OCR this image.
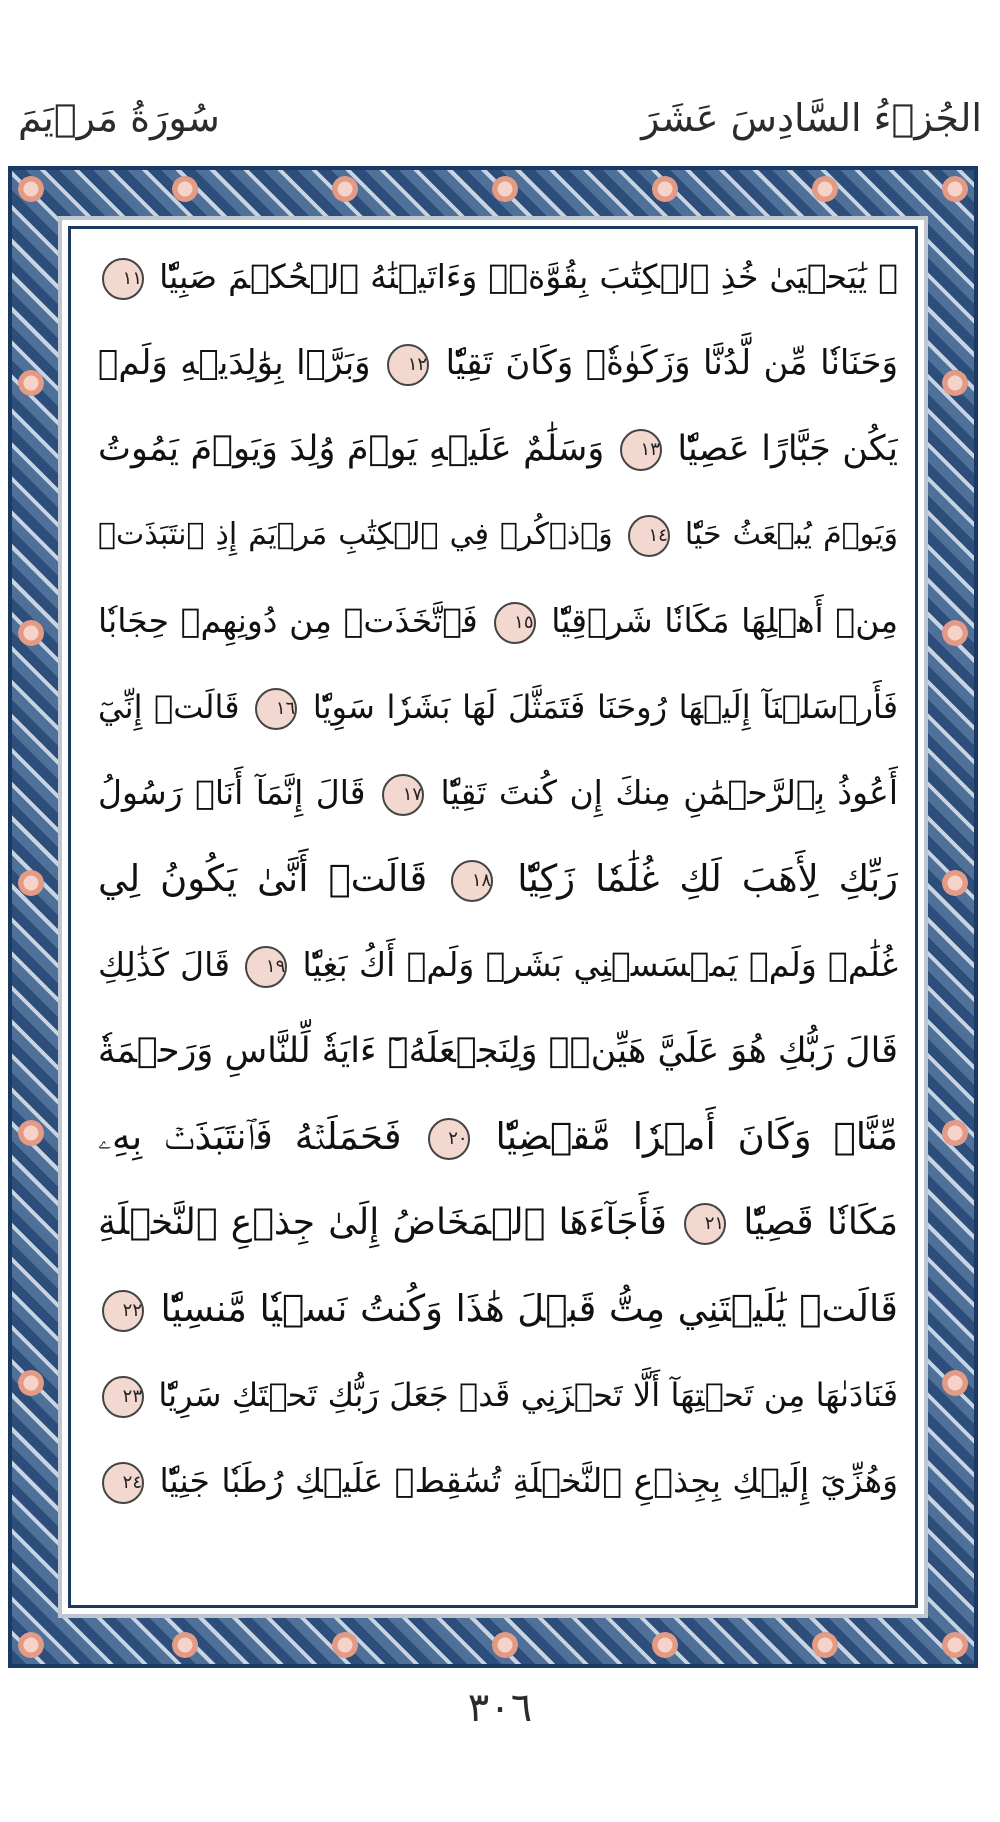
سُورَةُ مَرۡيَمَ	الجُزۡءُ السَّادِسَ عَشَرَ
۞ يَٰيَحۡيَىٰ خُذِ ٱلۡكِتَٰبَ بِقُوَّةٖۖ وَءَاتَيۡنَٰهُ ٱلۡحُكۡمَ صَبِيّٗا ١١
وَحَنَانٗا مِّن لَّدُنَّا وَزَكَوٰةٗۖ وَكَانَ تَقِيّٗا ١٢ وَبَرَّۢا بِوَٰلِدَيۡهِ وَلَمۡ
يَكُن جَبَّارًا عَصِيّٗا ١٣ وَسَلَٰمٌ عَلَيۡهِ يَوۡمَ وُلِدَ وَيَوۡمَ يَمُوتُ
وَيَوۡمَ يُبۡعَثُ حَيّٗا ١٤ وَٱذۡكُرۡ فِي ٱلۡكِتَٰبِ مَرۡيَمَ إِذِ ٱنتَبَذَتۡ
مِنۡ أَهۡلِهَا مَكَانٗا شَرۡقِيّٗا ١٥ فَٱتَّخَذَتۡ مِن دُونِهِمۡ حِجَابٗا
فَأَرۡسَلۡنَآ إِلَيۡهَا رُوحَنَا فَتَمَثَّلَ لَهَا بَشَرٗا سَوِيّٗا ١٦ قَالَتۡ إِنِّيٓ
أَعُوذُ بِٱلرَّحۡمَٰنِ مِنكَ إِن كُنتَ تَقِيّٗا ١٧ قَالَ إِنَّمَآ أَنَا۠ رَسُولُ
رَبِّكِ لِأَهَبَ لَكِ غُلَٰمٗا زَكِيّٗا ١٨ قَالَتۡ أَنَّىٰ يَكُونُ لِي
غُلَٰمٞ وَلَمۡ يَمۡسَسۡنِي بَشَرٞ وَلَمۡ أَكُ بَغِيّٗا ١٩ قَالَ كَذَٰلِكِ
قَالَ رَبُّكِ هُوَ عَلَيَّ هَيِّنٞۖ وَلِنَجۡعَلَهُۥٓ ءَايَةٗ لِّلنَّاسِ وَرَحۡمَةٗ
مِّنَّاۚ وَكَانَ أَمۡرٗا مَّقۡضِيّٗا ٢٠ فَحَمَلَتۡهُ فَٱنتَبَذَتۡ بِهِۦ
مَكَانٗا قَصِيّٗا ٢١ فَأَجَآءَهَا ٱلۡمَخَاضُ إِلَىٰ جِذۡعِ ٱلنَّخۡلَةِ
قَالَتۡ يَٰلَيۡتَنِي مِتُّ قَبۡلَ هَٰذَا وَكُنتُ نَسۡيٗا مَّنسِيّٗا ٢٢
فَنَادَىٰهَا مِن تَحۡتِهَآ أَلَّا تَحۡزَنِي قَدۡ جَعَلَ رَبُّكِ تَحۡتَكِ سَرِيّٗا ٢٣
وَهُزِّيٓ إِلَيۡكِ بِجِذۡعِ ٱلنَّخۡلَةِ تُسَٰقِطۡ عَلَيۡكِ رُطَبٗا جَنِيّٗا ٢٤
٣٠٦
